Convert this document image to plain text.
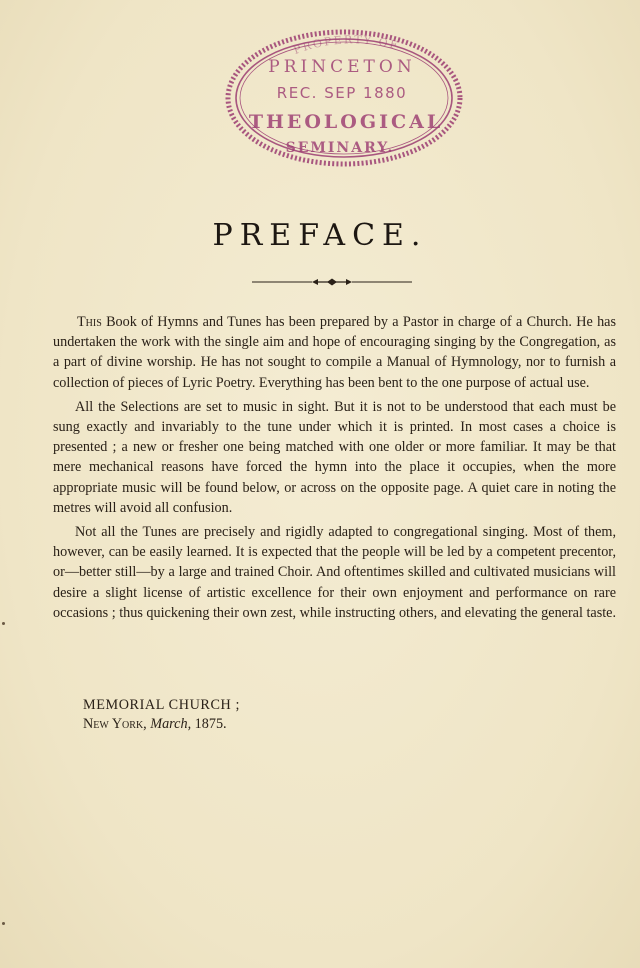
PROPERTY OF
PRINCETON
REC. SEP 1880
THEOLOGICAL
SEMINARY.
PREFACE.

This Book of Hymns and Tunes has been prepared by a Pastor in charge of a Church. He has undertaken the work with the single aim and hope of encouraging singing by the Congregation, as a part of divine worship. He has not sought to compile a Manual of Hymnology, nor to furnish a collection of pieces of Lyric Poetry. Everything has been bent to the one purpose of actual use.

All the Selections are set to music in sight. But it is not to be understood that each must be sung exactly and invariably to the tune under which it is printed. In most cases a choice is presented ; a new or fresher one being matched with one older or more familiar. It may be that mere mechanical reasons have forced the hymn into the place it occupies, when the more appropriate music will be found below, or across on the opposite page. A quiet care in noting the metres will avoid all confusion.

Not all the Tunes are precisely and rigidly adapted to congregational singing. Most of them, however, can be easily learned. It is expected that the people will be led by a competent precentor, or—better still—by a large and trained Choir. And oftentimes skilled and cultivated musicians will desire a slight license of artistic excellence for their own enjoyment and performance on rare occasions ; thus quickening their own zest, while instructing others, and elevating the general taste.

MEMORIAL CHURCH ;
New York, March, 1875.
